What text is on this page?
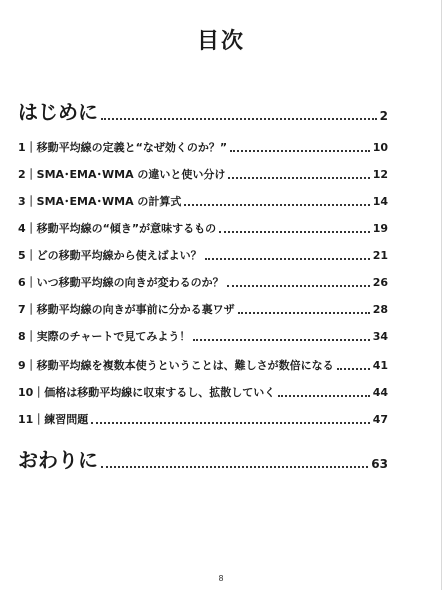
目次
はじめに	2
1｜移動平均線の定義と“なぜ効くのか？”	10
2｜SMA･EMA･WMA の違いと使い分け	12
3｜SMA･EMA･WMA の計算式	14
4｜移動平均線の“傾き”が意味するもの	19
5｜どの移動平均線から使えばよい？	21
6｜いつ移動平均線の向きが変わるのか？	26
7｜移動平均線の向きが事前に分かる裏ワザ	28
8｜実際のチャートで見てみよう！	34
9｜移動平均線を複数本使うということは、難しさが数倍になる	41
10｜価格は移動平均線に収束するし、拡散していく	44
11｜練習問題	47
おわりに	63
8
